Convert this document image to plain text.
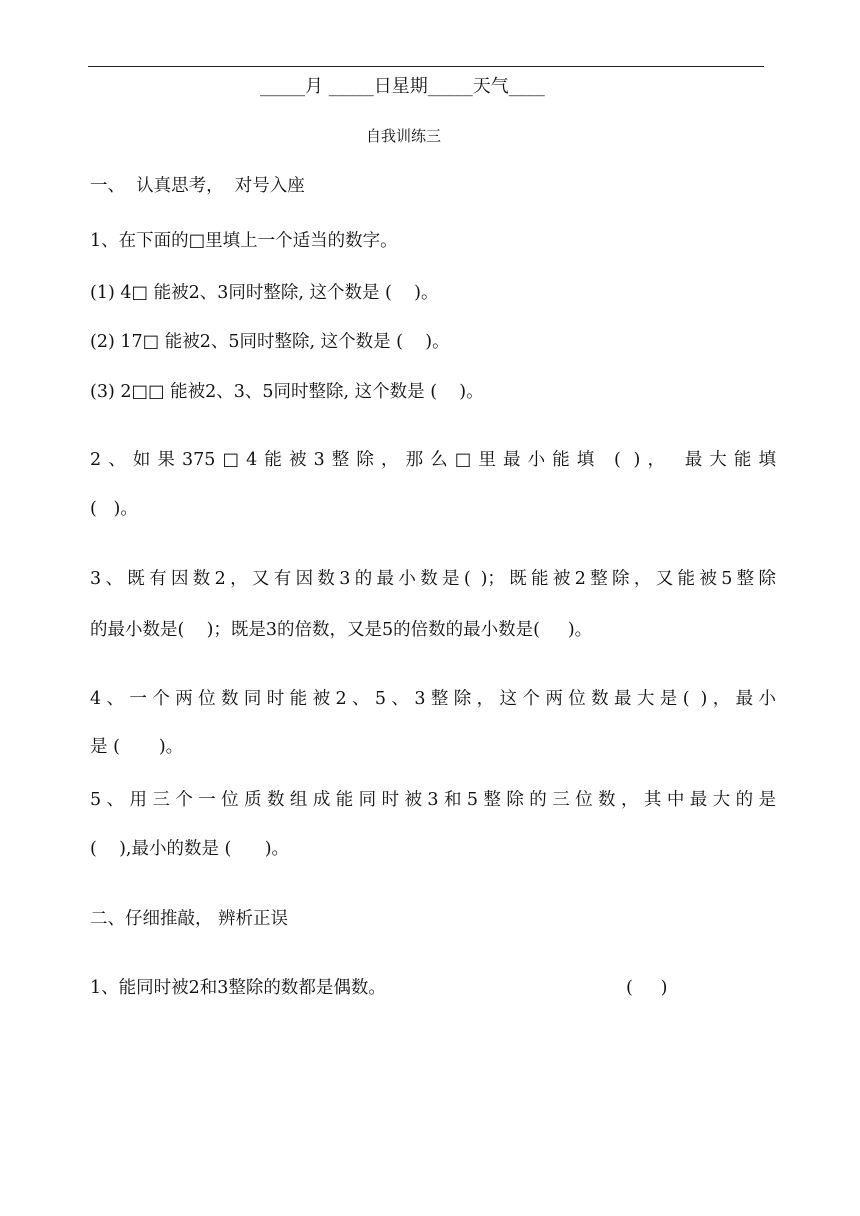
_____月 _____日星期_____天气____
自我训练三
一、  认真思考，  对号入座
1、在下面的□里填上一个适当的数字。
(1) 4□ 能被2、3同时整除, 这个数是 (    )。
(2) 17□ 能被2、5同时整除, 这个数是 (    )。
(3) 2□□ 能被2、3、5同时整除, 这个数是 (    )。
2、如果375□4能被3整除，那么□里最小能填 ( )， 最大能填
(   )。
3、既有因数2，又有因数3的最小数是( )；既能被2整除，又能被5整除
的最小数是(    )；既是3的倍数，又是5的倍数的最小数是(     )。
4、一个两位数同时能被2、5、3整除，这个两位数最大是( )，最小
是 (       )。
5、用三个一位质数组成能同时被3和5整除的三位数，其中最大的是
(    ),最小的数是 (      )。
二、仔细推敲， 辨析正误
1、能同时被2和3整除的数都是偶数。	(     )
